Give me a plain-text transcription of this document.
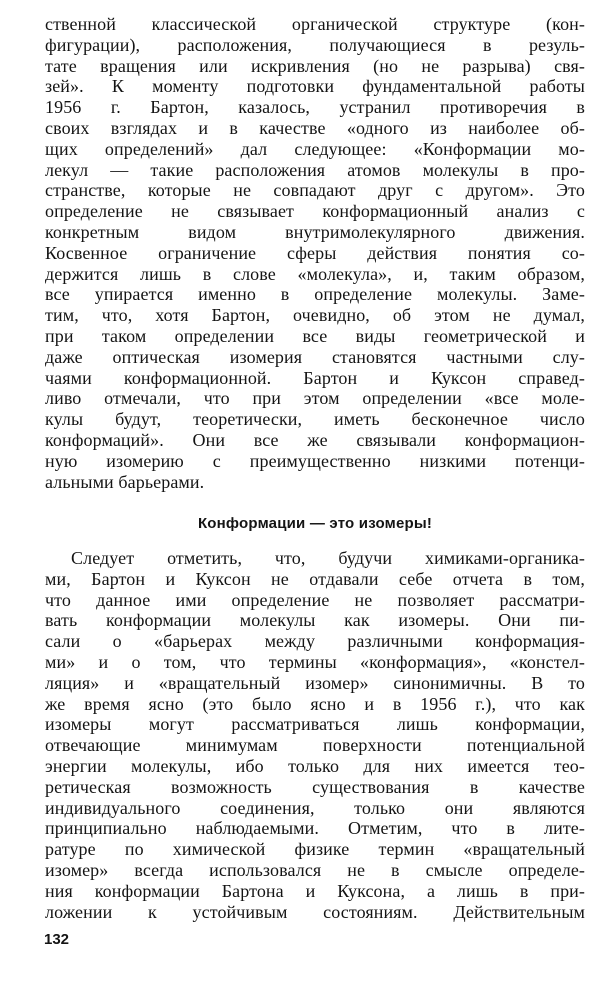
ственной классической органической структуре (кон-
фигурации), расположения, получающиеся в резуль-
тате вращения или искривления (но не разрыва) свя-
зей». К моменту подготовки фундаментальной работы
1956 г. Бартон, казалось, устранил противоречия в
своих взглядах и в качестве «одного из наиболее об-
щих определений» дал следующее: «Конформации мо-
лекул — такие расположения атомов молекулы в про-
странстве, которые не совпадают друг с другом». Это
определение не связывает конформационный анализ с
конкретным видом внутримолекулярного движения.
Косвенное ограничение сферы действия понятия со-
держится лишь в слове «молекула», и, таким образом,
все упирается именно в определение молекулы. Заме-
тим, что, хотя Бартон, очевидно, об этом не думал,
при таком определении все виды геометрической и
даже оптическая изомерия становятся частными слу-
чаями конформационной. Бартон и Куксон справед-
ливо отмечали, что при этом определении «все моле-
кулы будут, теоретически, иметь бесконечное число
конформаций». Они все же связывали конформацион-
ную изомерию с преимущественно низкими потенци-
альными барьерами.
Конформации — это изомеры!
Следует отметить, что, будучи химиками-органика-
ми, Бартон и Куксон не отдавали себе отчета в том,
что данное ими определение не позволяет рассматри-
вать конформации молекулы как изомеры. Они пи-
сали о «барьерах между различными конформация-
ми» и о том, что термины «конформация», «констел-
ляция» и «вращательный изомер» синонимичны. В то
же время ясно (это было ясно и в 1956 г.), что как
изомеры могут рассматриваться лишь конформации,
отвечающие минимумам поверхности потенциальной
энергии молекулы, ибо только для них имеется тео-
ретическая возможность существования в качестве
индивидуального соединения, только они являются
принципиально наблюдаемыми. Отметим, что в лите-
ратуре по химической физике термин «вращательный
изомер» всегда использовался не в смысле определе-
ния конформации Бартона и Куксона, а лишь в при-
ложении к устойчивым состояниям. Действительным
132
